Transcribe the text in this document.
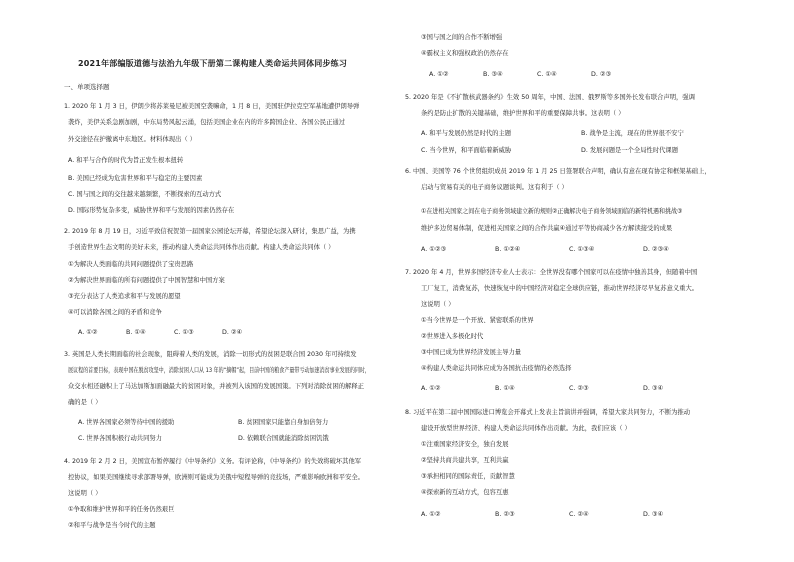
2021年部编版道德与法治九年级下册第二课构建人类命运共同体同步练习
一、单项选择题
1. 2020 年 1 月 3 日，伊朗少将苏莱曼尼被美国空袭嘛命，1 月 8 日，美国驻伊拉克空军基地遭伊朗导弹
袭炸，美伊关系急剧加剧，中东局势风起云涌，包括美国企业在内的许多跨国企业、各国公民正通过
外交途径在护撤离中东地区。材料体现出（ ）
A. 和平与合作的时代为旨正发生根本扭转
B. 美国已经成为危害世界和平与稳定的主要因素
C. 国与国之间的交往越来越频繁，不断探索的互动方式
D. 国际形势复杂多变，威胁世界和平与发展的因素仍然存在
2. 2019 年 8 月 19 日，习近平致信祝贺第一届国家公园论坛开幕，希望论坛深入研讨，集思广益，为携
手创造世界生态文明的美好未来，推动构建人类命运共同体作出贡献。构建人类命运共同体（ ）
①为解决人类面临的共同问题提供了宝贵思路
②为解决世界面临的所有问题提供了中国智慧和中国方案
③充分表达了人类追求和平与发展的愿望
④可以消除各国之间的矛盾和竞争
A. ①②	B. ①④	C. ①③	D. ②④
3. 英国是人类长期面临的社会现象，阻碍着人类的发展，消除一切形式的贫困是联合国 2030 年可持续发
展议程的首要目标，表现中国在脱贫攻坚中，消除贫困人口从 13 年的“摘帽”起，目前中国的粮食产量带亏动加速消贫事业发展的同时，
众交水相还融积上了马达加斯加面融最大的贫困对象，并被列入该国的发展国策。下列对消除贫困的解释正
确的是（ ）
A. 世界各国家必须等待中国的援助	B. 贫困国家只能靠自身加倍努力
C. 世界各国积极行动共同努力	D. 依赖联合国就能消除贫困饥饿
4. 2019 年 2 月 2 日，美国宣布暂停履行《中导条约》义务。有评论称，《中导条约》的失效将破坏其他军
控协议，如果美国继续寻求部署导弹，欧洲则可能成为美俄中短程导弹的竞技场，严重影响欧洲和平安全。
这说明（ ）
①争取和维护世界和平的任务仍然艰巨
②和平与战争是当今时代的主题
③国与国之间的合作不断增强
④霸权主义和强权政治仍然存在
A. ①②	B. ③④	C. ①④	D. ②③
5. 2020 年是《不扩散核武器条约》生效 50 周年，中国、法国、俄罗斯等多国外长发布联合声明，强调
条约是防止扩散的关键基础，维护世界和平的重要保障共事。这表明（ ）
A. 和平与发展仍然是时代的主题	B. 战争是主流，现在的世界很不安宁
C. 当今世界，和平面临着新威胁	D. 发展问题是一个全局性时代课题
6. 中国、美国等 76 个世贸组织成员 2019 年 1 月 25 日签署联合声明，确认有意在现有协定和框架基础上，
启动与贸易有关的电子商务议题谈判。这有利于（ ）
①在进相关国家之间在电子商务领域建立新的规则②正确解决电子商务领域面临的新特机遇和挑战③
维护多边贸易体制，促进相关国家之间的合作共赢④通过平等协商减少各方解读接受的成果
A. ①②③	B. ①②④	C. ①③④	D. ②③④
7. 2020 年 4 月，世界多国经济专业人士表示：全世界没有哪个国家可以在疫情中独善其身，但随着中国
工厂复工，消费复苏，快速恢复中的中国经济对稳定全球供应链，推动世界经济尽早复苏意义重大。
这说明（ ）
①当今世界是一个开放、紧密联系的世界
②世界进入多极化时代
③中国已成为世界经济发展主导力量
④构建人类命运共同体应成为各国抗击疫情的必然选择
A. ①②	B. ①④	C. ②③	D. ③④
8. 习近平在第二届中国国际进口博览会开幕式上发表主旨演讲并强调，希望大家共同努力，不断为推动
建设开放型世界经济、构建人类命运共同体作出贡献。为此，我们应该（ ）
①注重国家经济安全，独自发展
②坚持共商共建共享，互利共赢
③承担相同的国际责任，贡献智慧
④探索新的互动方式，包容互惠
A. ①②	B. ②③	C. ②④	D. ③④
